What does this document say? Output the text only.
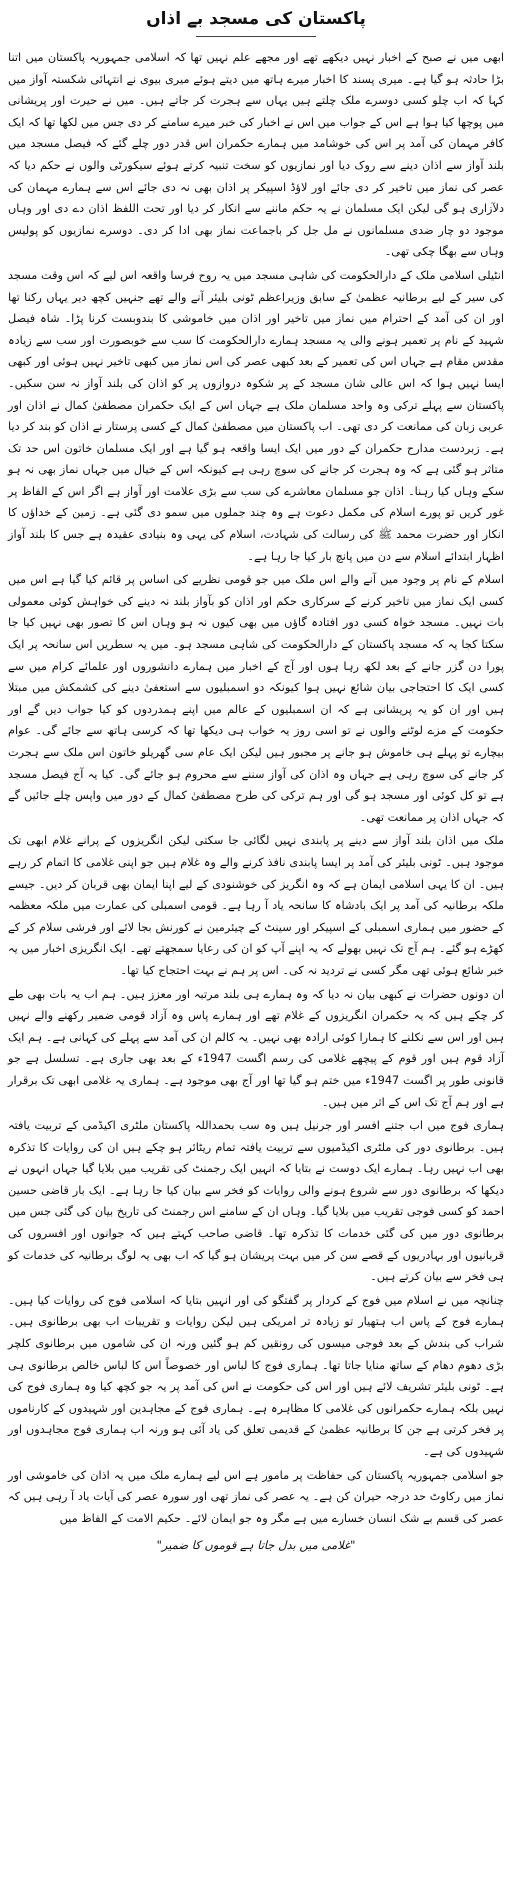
پاکستان کی مسجد بے اذاں

ابھی میں نے صبح کے اخبار نہیں دیکھے تھے اور مجھے علم نہیں تھا کہ اسلامی جمہوریہ پاکستان میں اتنا بڑا حادثہ ہو گیا ہے۔ میری پسند کا اخبار میرے ہاتھ میں دیتے ہوئے میری بیوی نے انتہائی شکستہ آواز میں کہا کہ اب چلو کسی دوسرے ملک چلتے ہیں یہاں سے ہجرت کر جاتے ہیں۔ میں نے حیرت اور پریشانی میں پوچھا کیا ہوا ہے اس کے جواب میں اس نے اخبار کی خبر میرے سامنے کر دی جس میں لکھا تھا کہ ایک کافر مہمان کی آمد پر اس کی خوشامد میں ہمارے حکمران اس قدر دور چلے گئے کہ فیصل مسجد میں بلند آواز سے اذان دینے سے روک دیا اور نمازیوں کو سخت تنبیہ کرتے ہوئے سیکورٹی والوں نے حکم دیا کہ عصر کی نماز میں تاخیر کر دی جائے اور لاؤڈ اسپیکر پر اذان بھی نہ دی جائے اس سے ہمارے مہمان کی دلآزاری ہو گی لیکن ایک مسلمان نے یہ حکم ماننے سے انکار کر دیا اور تحت اللفظ اذان دے دی اور وہاں موجود دو چار ضدی مسلمانوں نے مل جل کر باجماعت نماز بھی ادا کر دی۔ دوسرے نمازیوں کو پولیس وہاں سے بھگا چکی تھی۔

انٹیلی اسلامی ملک کے دارالحکومت کی شاہی مسجد میں یہ روح فرسا واقعہ اس لیے کہ اس وقت مسجد کی سیر کے لیے برطانیہ عظمیٰ کے سابق وزیراعظم ٹونی بلیئر آنے والے تھے جنہیں کچھ دیر یہاں رکنا تھا اور ان کی آمد کے احترام میں نماز میں تاخیر اور اذان میں خاموشی کا بندوبست کرنا پڑا۔ شاہ فیصل شہید کے نام پر تعمیر ہونے والی یہ مسجد ہمارے دارالحکومت کا سب سے خوبصورت اور سب سے زیادہ مقدس مقام ہے جہاں اس کی تعمیر کے بعد کبھی عصر کی اس نماز میں کبھی تاخیر نہیں ہوئی اور کبھی ایسا نہیں ہوا کہ اس عالی شان مسجد کے پر شکوہ دروازوں پر کو اذان کی بلند آواز نہ سن سکیں۔ پاکستان سے پہلے ترکی وہ واحد مسلمان ملک ہے جہاں اس کے ایک حکمران مصطفیٰ کمال نے اذان اور عربی زبان کی ممانعت کر دی تھی۔ اب پاکستان میں مصطفیٰ کمال کے کسی پرستار نے اذان کو بند کر دیا ہے۔ زبردست مدارح حکمران کے دور میں ایک ایسا واقعہ ہو گیا ہے اور ایک مسلمان خاتون اس حد تک متاثر ہو گئی ہے کہ وہ ہجرت کر جانے کی سوچ رہی ہے کیونکہ اس کے خیال میں جہاں نماز بھی نہ ہو سکے وہاں کیا رہنا۔ اذان جو مسلمان معاشرے کی سب سے بڑی علامت اور آواز ہے اگر اس کے الفاظ پر غور کریں تو پورے اسلام کی مکمل دعوت ہے وہ چند جملوں میں سمو دی گئی ہے۔ زمین کے خداؤں کا انکار اور حضرت محمد ﷺ کی رسالت کی شہادت، اسلام کی یہی وہ بنیادی عقیدہ ہے جس کا بلند آواز اظہار ابتدائے اسلام سے دن میں پانچ بار کیا جا رہا ہے۔

اسلام کے نام پر وجود میں آنے والے اس ملک میں جو قومی نظریے کی اساس پر قائم کیا گیا ہے اس میں کسی ایک نماز میں تاخیر کرنے کے سرکاری حکم اور اذان کو بآواز بلند نہ دینے کی خواہش کوئی معمولی بات نہیں۔ مسجد خواہ کسی دور افتادہ گاؤں میں بھی کیوں نہ ہو وہاں اس کا تصور بھی نہیں کیا جا سکتا کجا یہ کہ مسجد پاکستان کے دارالحکومت کی شاہی مسجد ہو۔ میں یہ سطریں اس سانحہ پر ایک پورا دن گزر جانے کے بعد لکھ رہا ہوں اور آج کے اخبار میں ہمارے دانشوروں اور علمائے کرام میں سے کسی ایک کا احتجاجی بیان شائع نہیں ہوا کیونکہ دو اسمبلیوں سے استعفیٰ دینے کی کشمکش میں مبتلا ہیں اور ان کو یہ پریشانی ہے کہ ان اسمبلیوں کے عالم میں اپنے ہمدردوں کو کیا جواب دیں گے اور حکومت کے مزے لوٹنے والوں نے تو اسی روز یہ خواب ہی دیکھا تھا کہ کرسی ہاتھ سے جائے گی۔ عوام بیچارے تو پہلے ہی خاموش ہو جانے پر مجبور ہیں لیکن ایک عام سی گھریلو خاتون اس ملک سے ہجرت کر جانے کی سوچ رہی ہے جہاں وہ اذان کی آواز سننے سے محروم ہو جائے گی۔ کیا یہ آج فیصل مسجد ہے تو کل کوئی اور مسجد ہو گی اور ہم ترکی کی طرح مصطفیٰ کمال کے دور میں واپس چلے جائیں گے کہ جہاں اذان پر ممانعت تھی۔

ملک میں اذان بلند آواز سے دینے پر پابندی نہیں لگائی جا سکتی لیکن انگریزوں کے پرانے غلام ابھی تک موجود ہیں۔ ٹونی بلیئر کی آمد پر ایسا پابندی نافذ کرنے والے وہ غلام ہیں جو اپنی غلامی کا اتمام کر رہے ہیں۔ ان کا یہی اسلامی ایمان ہے کہ وہ انگریز کی خوشنودی کے لیے اپنا ایمان بھی قربان کر دیں۔ جیسے ملکہ برطانیہ کی آمد پر ایک بادشاہ کا سانحہ یاد آ رہا ہے۔ قومی اسمبلی کی عمارت میں ملکہ معظمہ کے حضور میں ہماری اسمبلی کے اسپیکر اور سینٹ کے چیئرمین نے کورنش بجا لائے اور فرشی سلام کر کے کھڑے ہو گئے۔ ہم آج تک نہیں بھولے کہ یہ اپنے آپ کو ان کی رعایا سمجھتے تھے۔ ایک انگریزی اخبار میں یہ خبر شائع ہوئی تھی مگر کسی نے تردید نہ کی۔ اس پر ہم نے بہت احتجاج کیا تھا۔

ان دونوں حضرات نے کبھی بیان نہ دیا کہ وہ ہمارے ہی بلند مرتبہ اور معزز ہیں۔ ہم اب یہ بات بھی طے کر چکے ہیں کہ یہ حکمران انگریزوں کے غلام تھے اور ہمارے پاس وہ آزاد قومی ضمیر رکھنے والے نہیں ہیں اور اس سے نکلنے کا ہمارا کوئی ارادہ بھی نہیں۔ یہ کالم ان کی آمد سے پہلے کی کہانی ہے۔ ہم ایک آزاد قوم ہیں اور قوم کے پیچھے غلامی کی رسم اگست 1947ء کے بعد بھی جاری ہے۔ تسلسل ہے جو قانونی طور پر اگست 1947ء میں ختم ہو گیا تھا اور آج بھی موجود ہے۔ ہماری یہ غلامی ابھی تک برقرار ہے اور ہم آج تک اس کے اثر میں ہیں۔

ہماری فوج میں اب جتنے افسر اور جرنیل ہیں وہ سب بحمداللہ پاکستان ملٹری اکیڈمی کے تربیت یافتہ ہیں۔ برطانوی دور کی ملٹری اکیڈمیوں سے تربیت یافتہ تمام ریٹائر ہو چکے ہیں ان کی روایات کا تذکرہ بھی اب نہیں رہا۔ ہمارے ایک دوست نے بتایا کہ انہیں ایک رجمنٹ کی تقریب میں بلایا گیا جہاں انہوں نے دیکھا کہ برطانوی دور سے شروع ہونے والی روایات کو فخر سے بیان کیا جا رہا ہے۔ ایک بار قاضی حسین احمد کو کسی فوجی تقریب میں بلایا گیا۔ وہاں ان کے سامنے اس رجمنٹ کی تاریخ بیان کی گئی جس میں برطانوی دور میں کی گئی خدمات کا تذکرہ تھا۔ قاضی صاحب کہتے ہیں کہ جوانوں اور افسروں کی قربانیوں اور بہادریوں کے قصے سن کر میں بہت پریشان ہو گیا کہ اب بھی یہ لوگ برطانیہ کی خدمات کو ہی فخر سے بیان کرتے ہیں۔

چنانچہ میں نے اسلام میں فوج کے کردار پر گفتگو کی اور انہیں بتایا کہ اسلامی فوج کی روایات کیا ہیں۔ ہمارے فوج کے پاس اب ہتھیار تو زیادہ تر امریکی ہیں لیکن روایات و تقریبات اب بھی برطانوی ہیں۔ شراب کی بندش کے بعد فوجی میسوں کی رونقیں کم ہو گئیں ورنہ ان کی شاموں میں برطانوی کلچر بڑی دھوم دھام کے ساتھ منایا جاتا تھا۔ ہماری فوج کا لباس اور خصوصاً اس کا لباس خالص برطانوی ہی ہے۔ ٹونی بلیئر تشریف لائے ہیں اور اس کی حکومت نے اس کی آمد پر یہ جو کچھ کیا وہ ہماری فوج کی نہیں بلکہ ہمارے حکمرانوں کی غلامی کا مظاہرہ ہے۔ ہماری فوج کے مجاہدین اور شہیدوں کے کارناموں پر فخر کرتی ہے جن کا برطانیہ عظمیٰ کے قدیمی تعلق کی یاد آئی ہو ورنہ اب ہماری فوج مجاہدوں اور شہیدوں کی ہے۔

جو اسلامی جمہوریہ پاکستان کی حفاظت پر مامور ہے اس لیے ہمارے ملک میں یہ اذان کی خاموشی اور نماز میں رکاوٹ حد درجہ حیران کن ہے۔ یہ عصر کی نماز تھی اور سورہ عصر کی آیات یاد آ رہی ہیں کہ عصر کی قسم بے شک انسان خسارے میں ہے مگر وہ جو ایمان لائے۔ حکیم الامت کے الفاظ میں

"غلامی میں بدل جاتا ہے قوموں کا ضمیر"
